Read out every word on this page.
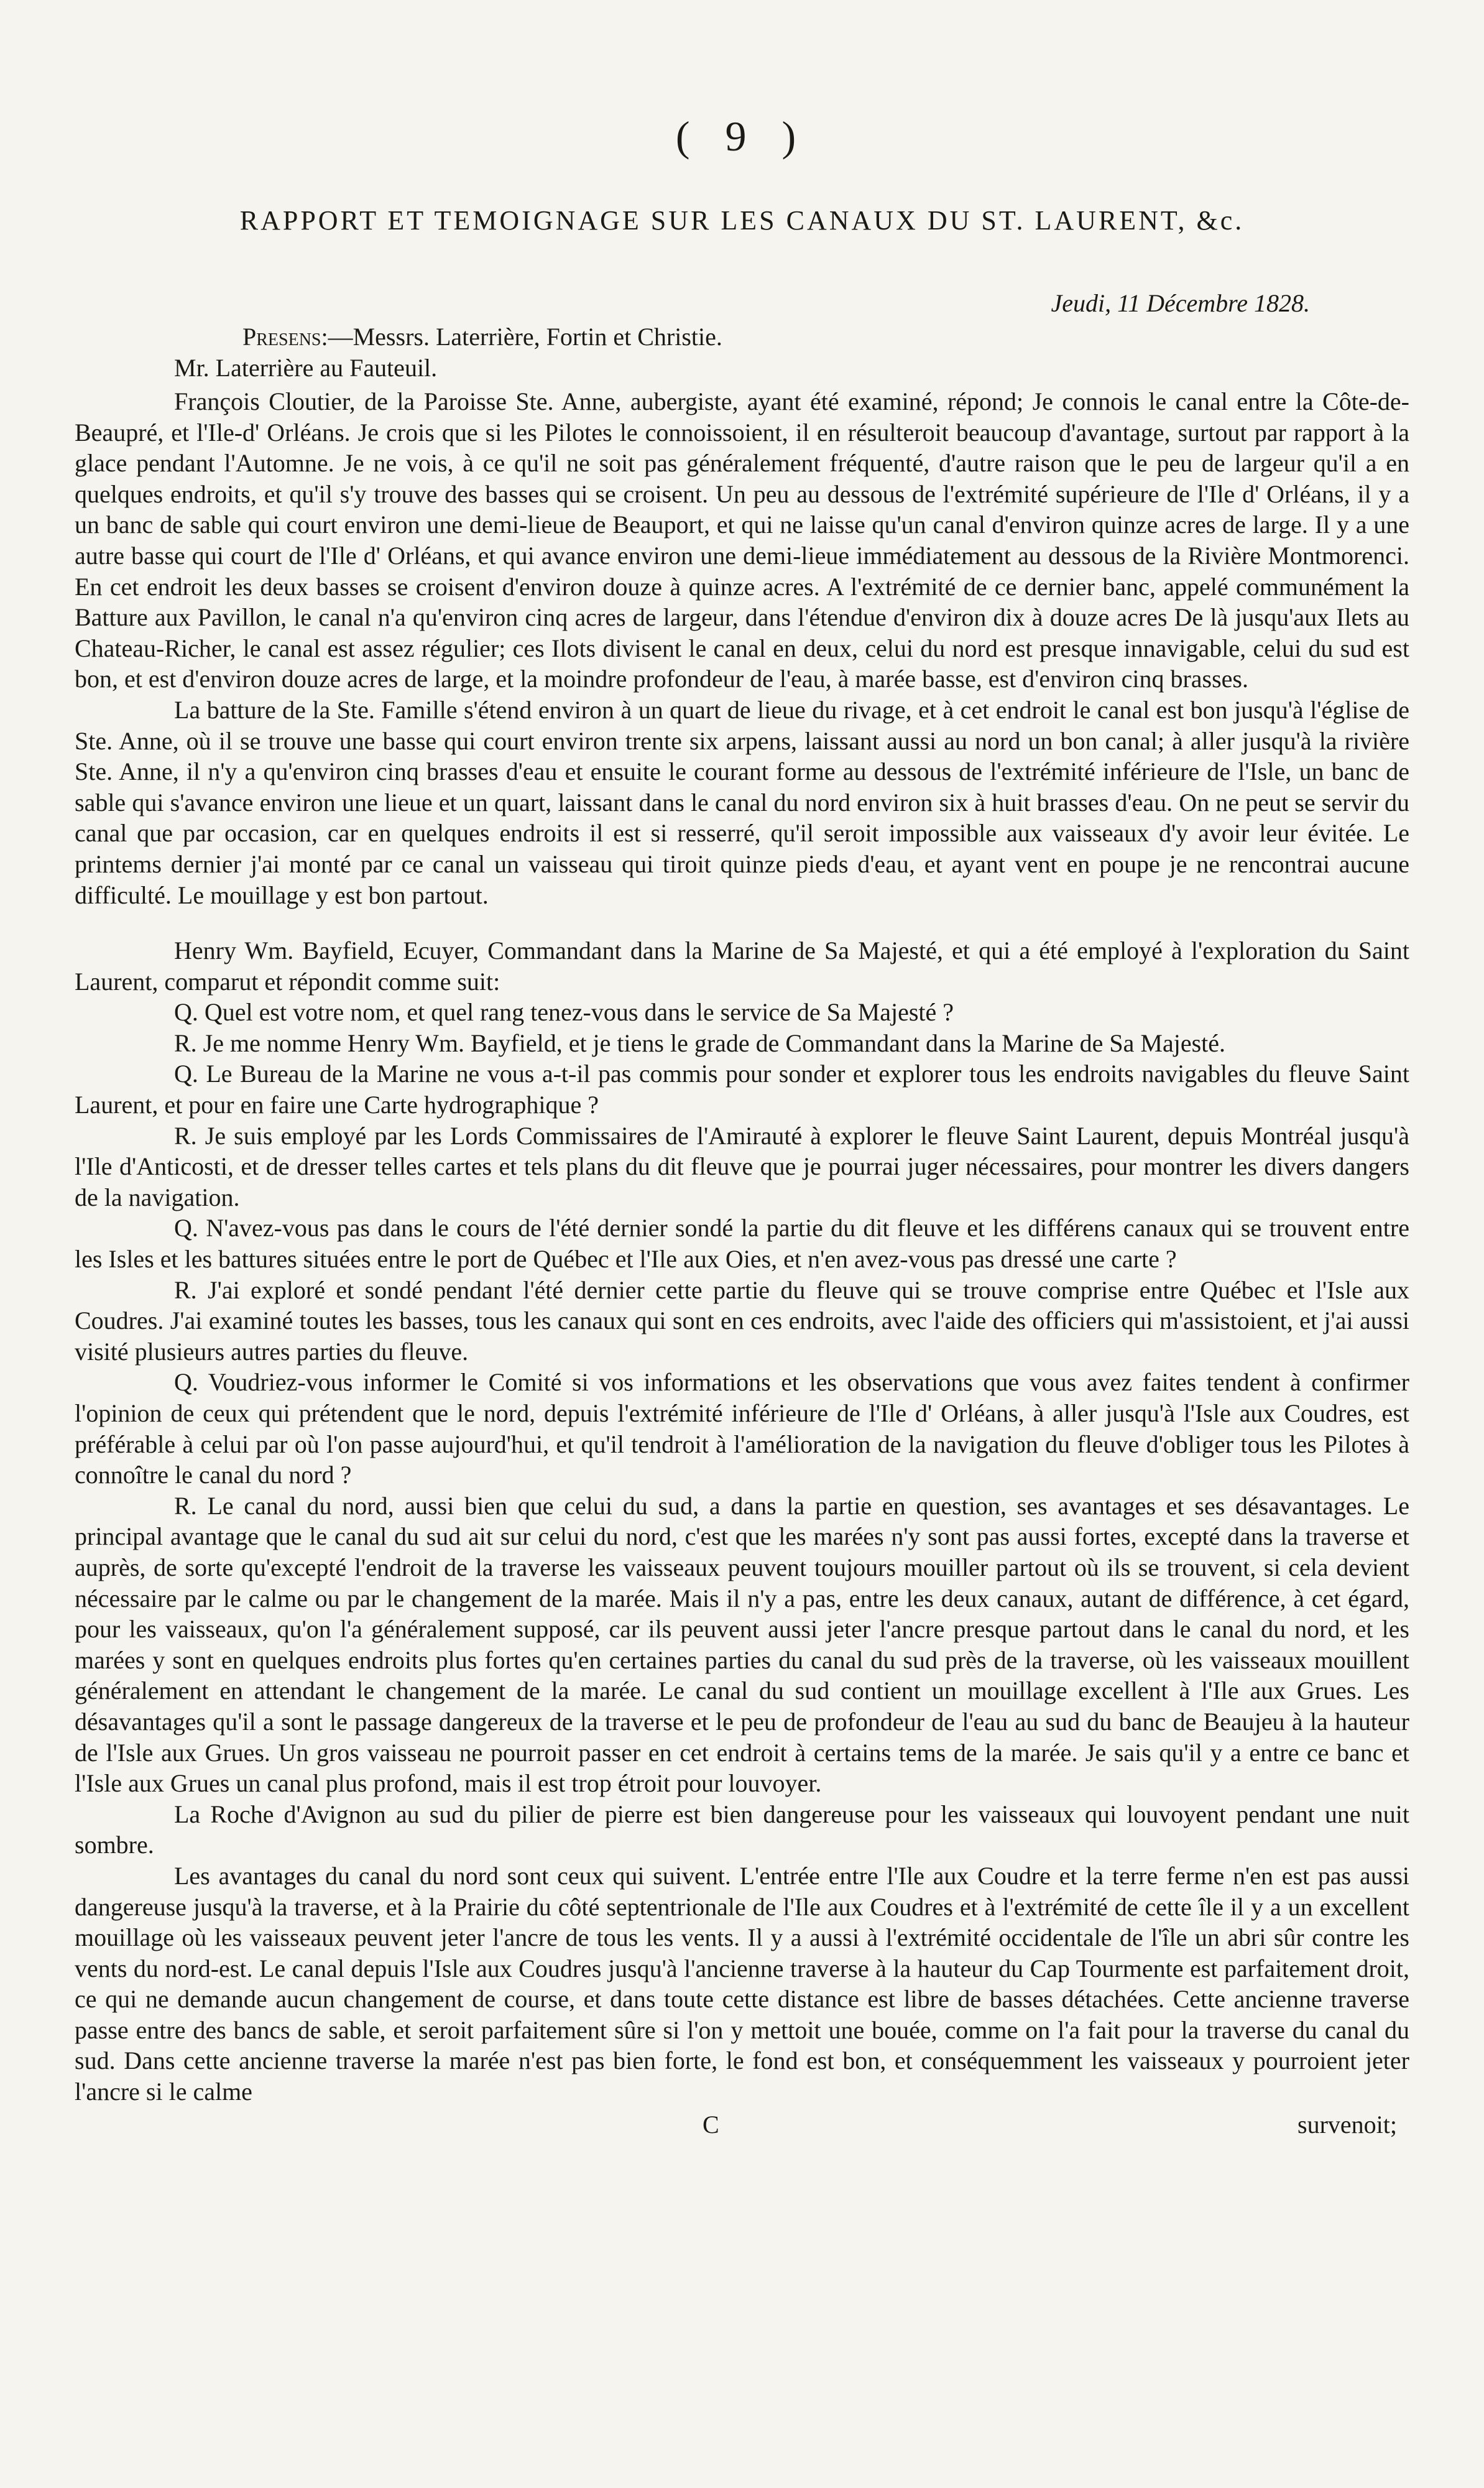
( 9 )
RAPPORT ET TEMOIGNAGE SUR LES CANAUX DU ST. LAURENT, &c.
Jeudi, 11 Décembre 1828.
Presens:—Messrs. Laterrière, Fortin et Christie.
Mr. Laterrière au Fauteuil.

François Cloutier, de la Paroisse Ste. Anne, aubergiste, ayant été examiné, répond; Je connois le canal entre la Côte-de-Beaupré, et l'Ile-d' Orléans. Je crois que si les Pilotes le connoissoient, il en résulteroit beaucoup d'avantage, surtout par rapport à la glace pendant l'Automne. Je ne vois, à ce qu'il ne soit pas généralement fréquenté, d'autre raison que le peu de largeur qu'il a en quelques endroits, et qu'il s'y trouve des basses qui se croisent. Un peu au dessous de l'extrémité supérieure de l'Ile d' Orléans, il y a un banc de sable qui court environ une demi-lieue de Beauport, et qui ne laisse qu'un canal d'environ quinze acres de large. Il y a une autre basse qui court de l'Ile d' Orléans, et qui avance environ une demi-lieue immédiatement au dessous de la Rivière Montmorenci. En cet endroit les deux basses se croisent d'environ douze à quinze acres. A l'extrémité de ce dernier banc, appelé communément la Batture aux Pavillon, le canal n'a qu'environ cinq acres de largeur, dans l'étendue d'environ dix à douze acres De là jusqu'aux Ilets au Chateau-Richer, le canal est assez régulier; ces Ilots divisent le canal en deux, celui du nord est presque innavigable, celui du sud est bon, et est d'environ douze acres de large, et la moindre profondeur de l'eau, à marée basse, est d'environ cinq brasses.

La batture de la Ste. Famille s'étend environ à un quart de lieue du rivage, et à cet endroit le canal est bon jusqu'à l'église de Ste. Anne, où il se trouve une basse qui court environ trente six arpens, laissant aussi au nord un bon canal; à aller jusqu'à la rivière Ste. Anne, il n'y a qu'environ cinq brasses d'eau et ensuite le courant forme au dessous de l'extrémité inférieure de l'Isle, un banc de sable qui s'avance environ une lieue et un quart, laissant dans le canal du nord environ six à huit brasses d'eau. On ne peut se servir du canal que par occasion, car en quelques endroits il est si resserré, qu'il seroit impossible aux vaisseaux d'y avoir leur évitée. Le printems dernier j'ai monté par ce canal un vaisseau qui tiroit quinze pieds d'eau, et ayant vent en poupe je ne rencontrai aucune difficulté. Le mouillage y est bon partout.

Henry Wm. Bayfield, Ecuyer, Commandant dans la Marine de Sa Majesté, et qui a été employé à l'exploration du Saint Laurent, comparut et répondit comme suit:

Q. Quel est votre nom, et quel rang tenez-vous dans le service de Sa Majesté ?

R. Je me nomme Henry Wm. Bayfield, et je tiens le grade de Commandant dans la Marine de Sa Majesté.

Q. Le Bureau de la Marine ne vous a-t-il pas commis pour sonder et explorer tous les endroits navigables du fleuve Saint Laurent, et pour en faire une Carte hydrographique ?

R. Je suis employé par les Lords Commissaires de l'Amirauté à explorer le fleuve Saint Laurent, depuis Montréal jusqu'à l'Ile d'Anticosti, et de dresser telles cartes et tels plans du dit fleuve que je pourrai juger nécessaires, pour montrer les divers dangers de la navigation.

Q. N'avez-vous pas dans le cours de l'été dernier sondé la partie du dit fleuve et les différens canaux qui se trouvent entre les Isles et les battures situées entre le port de Québec et l'Ile aux Oies, et n'en avez-vous pas dressé une carte ?

R. J'ai exploré et sondé pendant l'été dernier cette partie du fleuve qui se trouve comprise entre Québec et l'Isle aux Coudres. J'ai examiné toutes les basses, tous les canaux qui sont en ces endroits, avec l'aide des officiers qui m'assistoient, et j'ai aussi visité plusieurs autres parties du fleuve.

Q. Voudriez-vous informer le Comité si vos informations et les observations que vous avez faites tendent à confirmer l'opinion de ceux qui prétendent que le nord, depuis l'extrémité inférieure de l'Ile d' Orléans, à aller jusqu'à l'Isle aux Coudres, est préférable à celui par où l'on passe aujourd'hui, et qu'il tendroit à l'amélioration de la navigation du fleuve d'obliger tous les Pilotes à connoître le canal du nord ?

R. Le canal du nord, aussi bien que celui du sud, a dans la partie en question, ses avantages et ses désavantages. Le principal avantage que le canal du sud ait sur celui du nord, c'est que les marées n'y sont pas aussi fortes, excepté dans la traverse et auprès, de sorte qu'excepté l'endroit de la traverse les vaisseaux peuvent toujours mouiller partout où ils se trouvent, si cela devient nécessaire par le calme ou par le changement de la marée. Mais il n'y a pas, entre les deux canaux, autant de différence, à cet égard, pour les vaisseaux, qu'on l'a généralement supposé, car ils peuvent aussi jeter l'ancre presque partout dans le canal du nord, et les marées y sont en quelques endroits plus fortes qu'en certaines parties du canal du sud près de la traverse, où les vaisseaux mouillent généralement en attendant le changement de la marée. Le canal du sud contient un mouillage excellent à l'Ile aux Grues. Les désavantages qu'il a sont le passage dangereux de la traverse et le peu de profondeur de l'eau au sud du banc de Beaujeu à la hauteur de l'Isle aux Grues. Un gros vaisseau ne pourroit passer en cet endroit à certains tems de la marée. Je sais qu'il y a entre ce banc et l'Isle aux Grues un canal plus profond, mais il est trop étroit pour louvoyer.

La Roche d'Avignon au sud du pilier de pierre est bien dangereuse pour les vaisseaux qui louvoyent pendant une nuit sombre.

Les avantages du canal du nord sont ceux qui suivent. L'entrée entre l'Ile aux Coudre et la terre ferme n'en est pas aussi dangereuse jusqu'à la traverse, et à la Prairie du côté septentrionale de l'Ile aux Coudres et à l'extrémité de cette île il y a un excellent mouillage où les vaisseaux peuvent jeter l'ancre de tous les vents. Il y a aussi à l'extrémité occidentale de l'île un abri sûr contre les vents du nord-est. Le canal depuis l'Isle aux Coudres jusqu'à l'ancienne traverse à la hauteur du Cap Tourmente est parfaitement droit, ce qui ne demande aucun changement de course, et dans toute cette distance est libre de basses détachées. Cette ancienne traverse passe entre des bancs de sable, et seroit parfaitement sûre si l'on y mettoit une bouée, comme on l'a fait pour la traverse du canal du sud. Dans cette ancienne traverse la marée n'est pas bien forte, le fond est bon, et conséquemment les vaisseaux y pourroient jeter l'ancre si le calme

C	survenoit;
